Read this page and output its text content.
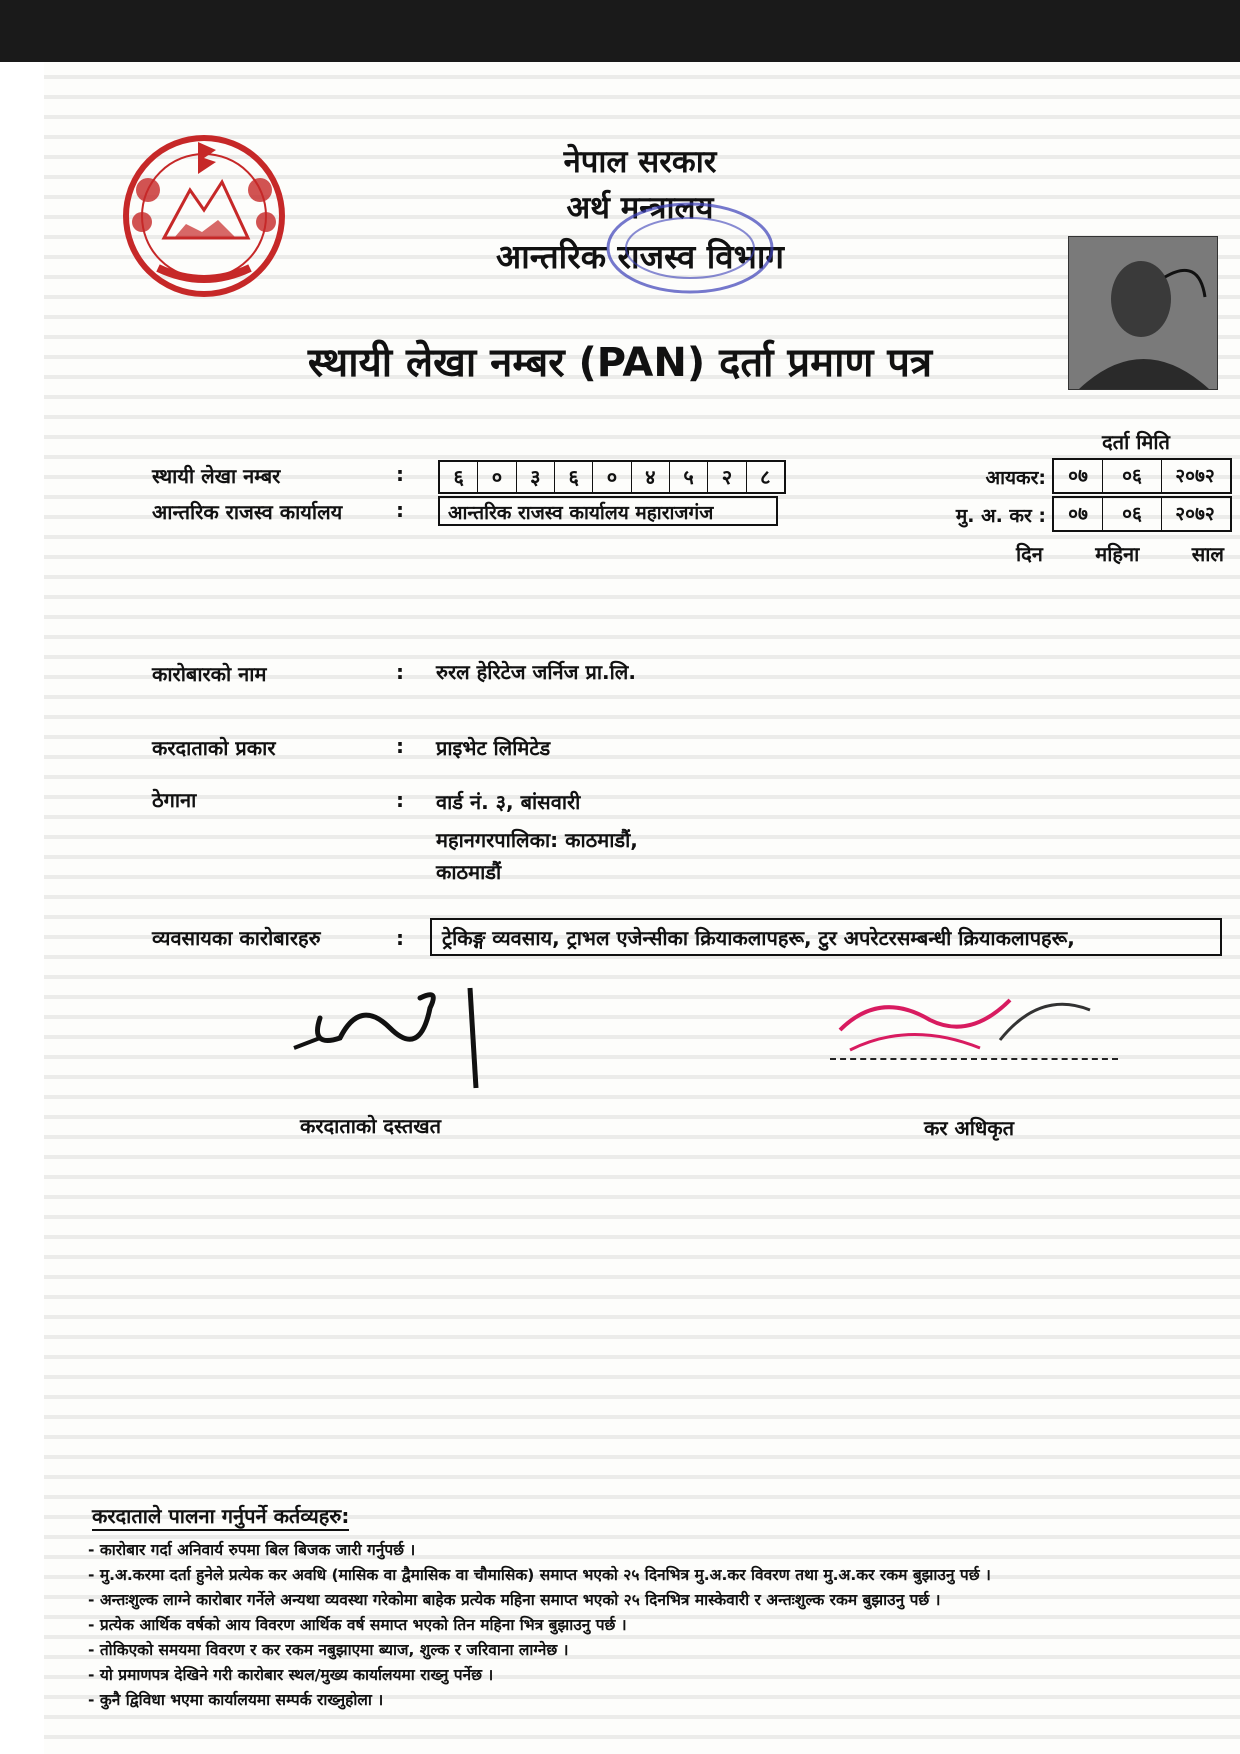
नेपाल सरकार
अर्थ मन्त्रालय
आन्तरिक राजस्व विभाग
स्थायी लेखा नम्बर (PAN) दर्ता प्रमाण पत्र
स्थायी लेखा नम्बर	:	६	०	३	६	०	४	५	२	८
आन्तरिक राजस्व कार्यालय	:	आन्तरिक राजस्व कार्यालय महाराजगंज
दर्ता मिति
आयकर:	०७	०६	२०७२
मु. अ. कर :	०७	०६	२०७२
दिन	महिना	साल
कारोबारको नाम	: रुरल हेरिटेज जर्निज प्रा.लि.
करदाताको प्रकार	: प्राइभेट लिमिटेड
ठेगाना	: वार्ड नं. ३, बांसवारी
महानगरपालिका: काठमाडौं,
काठमाडौं
व्यवसायका कारोबारहरु	:	ट्रेकिङ्ग व्यवसाय, ट्राभल एजेन्सीका क्रियाकलापहरू, टुर अपरेटरसम्बन्धी क्रियाकलापहरू,
करदाताको दस्तखत	कर अधिकृत
करदाताले पालना गर्नुपर्ने कर्तव्यहरु:
- कारोबार गर्दा अनिवार्य रुपमा बिल बिजक जारी गर्नुपर्छ ।
- मु.अ.करमा दर्ता हुनेले प्रत्येक कर अवधि (मासिक वा द्वैमासिक वा चौमासिक) समाप्त भएको २५ दिनभित्र मु.अ.कर विवरण तथा मु.अ.कर रकम बुझाउनु पर्छ ।
- अन्तःशुल्क लाग्ने कारोबार गर्नेले अन्यथा व्यवस्था गरेकोमा बाहेक प्रत्येक महिना समाप्त भएको २५ दिनभित्र मास्केवारी र अन्तःशुल्क रकम बुझाउनु पर्छ ।
- प्रत्येक आर्थिक वर्षको आय विवरण आर्थिक वर्ष समाप्त भएको तिन महिना भित्र बुझाउनु पर्छ ।
- तोकिएको समयमा विवरण र कर रकम नबुझाएमा ब्याज, शुल्क र जरिवाना लाग्नेछ ।
- यो प्रमाणपत्र देखिने गरी कारोबार स्थल/मुख्य कार्यालयमा राख्नु पर्नेछ ।
- कुनै द्विविधा भएमा कार्यालयमा सम्पर्क राख्नुहोला ।
